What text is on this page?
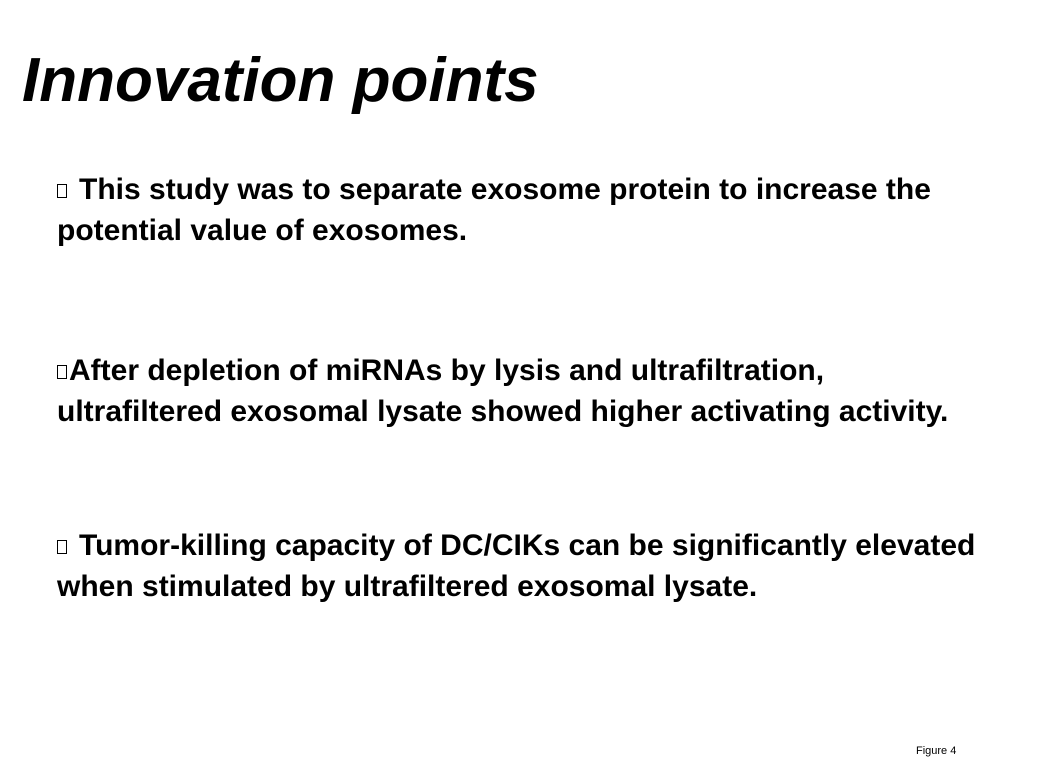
Innovation points
This study was to separate exosome protein to increase the potential value of exosomes.
After depletion of miRNAs by lysis and ultrafiltration, ultrafiltered exosomal lysate showed higher activating activity.
Tumor-killing capacity of DC/CIKs can be significantly elevated when stimulated by ultrafiltered exosomal lysate.
Figure 4
